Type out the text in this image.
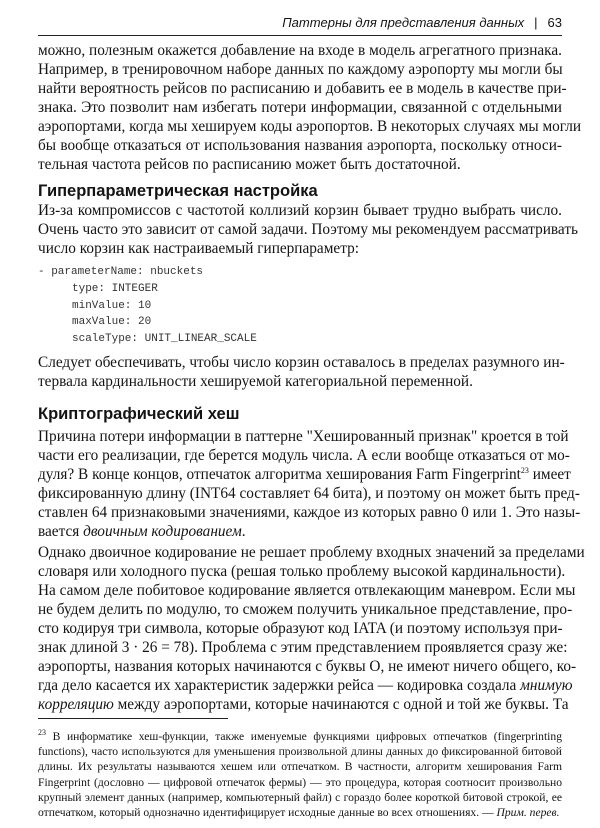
Паттерны для представления данных | 63
можно, полезным окажется добавление на входе в модель агрегатного признака.
Например, в тренировочном наборе данных по каждому аэропорту мы могли бы
найти вероятность рейсов по расписанию и добавить ее в модель в качестве при-
знака. Это позволит нам избегать потери информации, связанной с отдельными
аэропортами, когда мы хешируем коды аэропортов. В некоторых случаях мы могли
бы вообще отказаться от использования названия аэропорта, поскольку относи-
тельная частота рейсов по расписанию может быть достаточной.
Гиперпараметрическая настройка
Из-за компромиссов с частотой коллизий корзин бывает трудно выбрать число.
Очень часто это зависит от самой задачи. Поэтому мы рекомендуем рассматривать
число корзин как настраиваемый гиперпараметр:
- parameterName: nbuckets
type: INTEGER
minValue: 10
maxValue: 20
scaleType: UNIT_LINEAR_SCALE
Следует обеспечивать, чтобы число корзин оставалось в пределах разумного ин-
тервала кардинальности хешируемой категориальной переменной.
Криптографический хеш
Причина потери информации в паттерне "Хешированный признак" кроется в той
части его реализации, где берется модуль числа. А если вообще отказаться от мо-
дуля? В конце концов, отпечаток алгоритма хеширования Farm Fingerprint$^{23}$ имеет
фиксированную длину (INT64 составляет 64 бита), и поэтому он может быть пред-
ставлен 64 признаковыми значениями, каждое из которых равно 0 или 1. Это назы-
вается двоичным кодированием.
Однако двоичное кодирование не решает проблему входных значений за пределами
словаря или холодного пуска (решая только проблему высокой кардинальности).
На самом деле побитовое кодирование является отвлекающим маневром. Если мы
не будем делить по модулю, то сможем получить уникальное представление, про-
сто кодируя три символа, которые образуют код IATA (и поэтому используя при-
знак длиной 3 · 26 = 78). Проблема с этим представлением проявляется сразу же:
аэропорты, названия которых начинаются с буквы О, не имеют ничего общего, ко-
гда дело касается их характеристик задержки рейса — кодировка создала мнимую
корреляцию между аэропортами, которые начинаются с одной и той же буквы. Та
$^{23}$ В информатике хеш-функции, также именуемые функциями цифровых отпечатков (fingerprinting
functions), часто используются для уменьшения произвольной длины данных до фиксированной битовой
длины. Их результаты называются хешем или отпечатком. В частности, алгоритм хеширования Farm
Fingerprint (дословно — цифровой отпечаток фермы) — это процедура, которая соотносит произвольно
крупный элемент данных (например, компьютерный файл) с гораздо более короткой битовой строкой, ее
отпечатком, который однозначно идентифицирует исходные данные во всех отношениях. — Прим. перев.
